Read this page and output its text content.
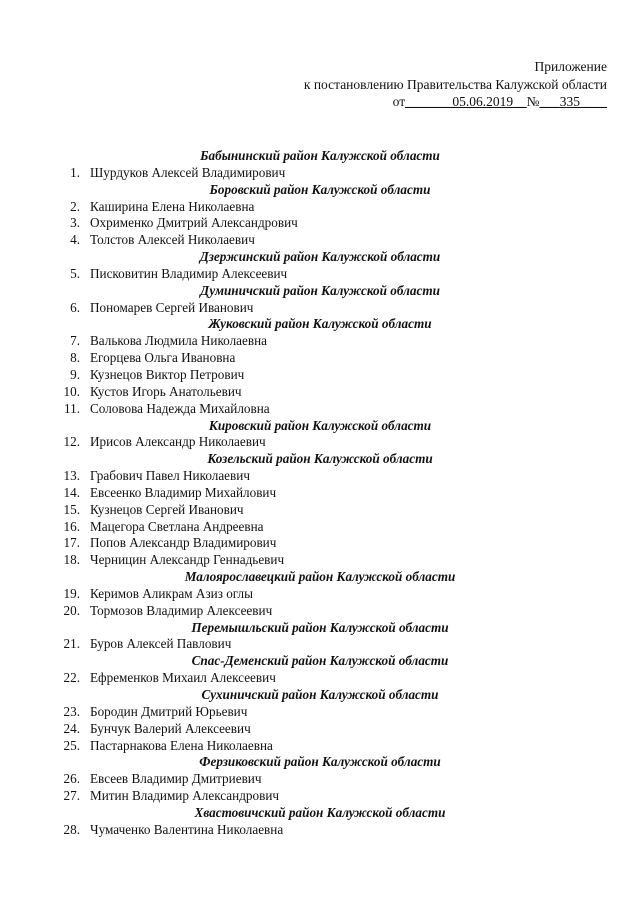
Приложение
к постановлению Правительства Калужской области
от_______05.06.2019__№___335____
Бабынинский район Калужской области
1. Шурдуков Алексей Владимирович
Боровский район Калужской области
2. Каширина Елена Николаевна
3. Охрименко Дмитрий Александрович
4. Толстов Алексей Николаевич
Дзержинский район Калужской области
5. Писковитин Владимир Алексеевич
Думиничский район Калужской области
6. Пономарев Сергей Иванович
Жуковский район Калужской области
7. Валькова Людмила Николаевна
8. Егорцева Ольга Ивановна
9. Кузнецов Виктор Петрович
10. Кустов Игорь Анатольевич
11. Соловова Надежда Михайловна
Кировский район Калужской области
12. Ирисов Александр Николаевич
Козельский район Калужской области
13. Грабович Павел Николаевич
14. Евсеенко Владимир Михайлович
15. Кузнецов Сергей Иванович
16. Мацегора Светлана Андреевна
17. Попов Александр Владимирович
18. Черницин Александр Геннадьевич
Малоярославецкий район Калужской области
19. Керимов Аликрам Азиз оглы
20. Тормозов Владимир Алексеевич
Перемышльский район Калужской области
21. Буров Алексей Павлович
Спас-Деменский район Калужской области
22. Ефременков Михаил Алексеевич
Сухиничский район Калужской области
23. Бородин Дмитрий Юрьевич
24. Бунчук Валерий Алексеевич
25. Пастарнакова Елена Николаевна
Ферзиковский район Калужской области
26. Евсеев Владимир Дмитриевич
27. Митин Владимир Александрович
Хвастовичский район Калужской области
28. Чумаченко Валентина Николаевна
